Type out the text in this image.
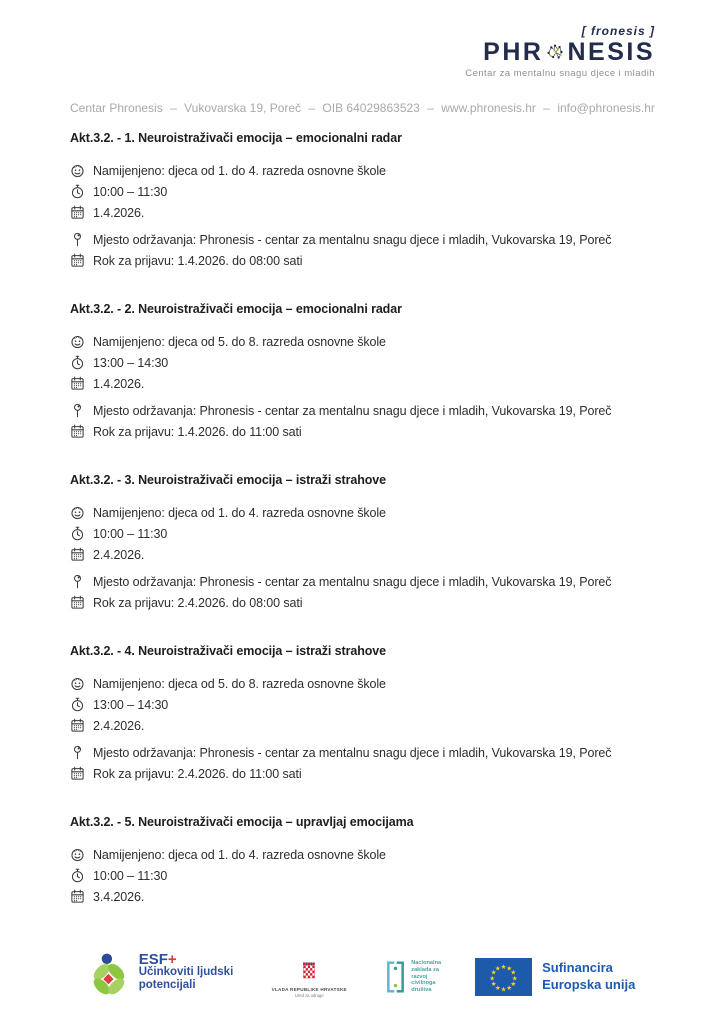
[ fronesis ]
PHR NESIS
Centar za mentalnu snagu djece i mladih
Centar Phronesis – Vukovarska 19, Poreč – OIB 64029863523 – www.phronesis.hr – info@phronesis.hr
Akt.3.2. - 1. Neuroistraživači emocija – emocionalni radar
Namijenjeno: djeca od 1. do 4. razreda osnovne škole
10:00 – 11:30
1.4.2026.
Mjesto održavanja: Phronesis - centar za mentalnu snagu djece i mladih, Vukovarska 19, Poreč
Rok za prijavu: 1.4.2026. do 08:00 sati
Akt.3.2. - 2. Neuroistraživači emocija – emocionalni radar
Namijenjeno: djeca od 5. do 8. razreda osnovne škole
13:00 – 14:30
1.4.2026.
Mjesto održavanja: Phronesis - centar za mentalnu snagu djece i mladih, Vukovarska 19, Poreč
Rok za prijavu: 1.4.2026. do 11:00 sati
Akt.3.2. - 3. Neuroistraživači emocija – istraži strahove
Namijenjeno: djeca od 1. do 4. razreda osnovne škole
10:00 – 11:30
2.4.2026.
Mjesto održavanja: Phronesis - centar za mentalnu snagu djece i mladih, Vukovarska 19, Poreč
Rok za prijavu: 2.4.2026. do 08:00 sati
Akt.3.2. - 4. Neuroistraživači emocija – istraži strahove
Namijenjeno: djeca od 5. do 8. razreda osnovne škole
13:00 – 14:30
2.4.2026.
Mjesto održavanja: Phronesis - centar za mentalnu snagu djece i mladih, Vukovarska 19, Poreč
Rok za prijavu: 2.4.2026. do 11:00 sati
Akt.3.2. - 5. Neuroistraživači emocija – upravljaj emocijama
Namijenjeno: djeca od 1. do 4. razreda osnovne škole
10:00 – 11:30
3.4.2026.
ESF+
Učinkoviti ljudski
potencijali	VLADA REPUBLIKE HRVATSKE
Ured za udruge
Nacionalna
zaklada za
razvoj
civilnoga
društva
★ ★
★
★
★
★
★
★
★
★
★
★	Sufinancira
Europska unija
